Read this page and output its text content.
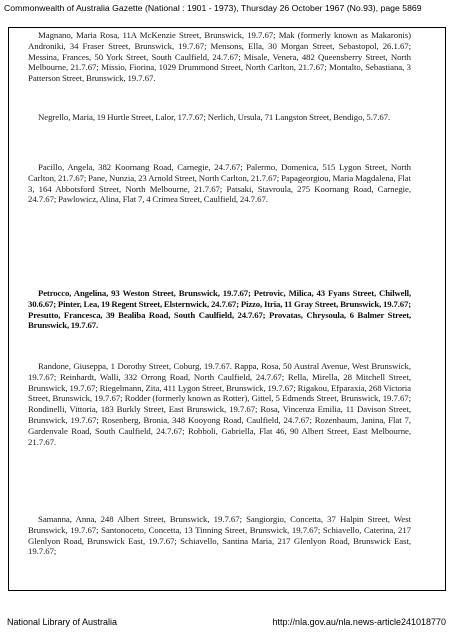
Commonwealth of Australia Gazette (National : 1901 - 1973), Thursday 26 October 1967 (No.93), page 5869

Magnano, Maria Rosa, 11A McKenzie Street, Brunswick, 19.7.67; Mak (formerly known as Makaronis) Androniki, 34 Fraser Street, Brunswick, 19.7.67; Mensons, Ella, 30 Morgan Street, Sebastopol, 26.1.67; Messina, Frances, 50 York Street, South Caulfield, 24.7.67; Misale, Venera, 482 Queensberry Street, North Melbourne, 21.7.67; Missio, Fiorina, 1029 Drummond Street, North Carlton, 21.7.67; Montalto, Sebastiana, 3 Patterson Street, Brunswick, 19.7.67.

Negrello, Maria, 19 Hurtle Street, Lalor, 17.7.67; Nerlich, Ursula, 71 Langston Street, Bendigo, 5.7.67.

Pacillo, Angela, 382 Koornang Road, Carnegie, 24.7.67; Palermo, Domenica, 515 Lygon Street, North Carlton, 21.7.67; Pane, Nunzia, 23 Arnold Street, North Carlton, 21.7.67; Papageorgiou, Maria Magdalena, Flat 3, 164 Abbotsford Street, North Melbourne, 21.7.67; Patsaki, Stavroula, 275 Koornang Road, Carnegie, 24.7.67; Pawlowicz, Alina, Flat 7, 4 Crimea Street, Caulfield, 24.7.67.

Petrocco, Angelina, 93 Weston Street, Brunswick, 19.7.67; Petrovic, Milica, 43 Fyans Street, Chilwell, 30.6.67; Pinter, Lea, 19 Regent Street, Elsternwick, 24.7.67; Pizzo, Itria, 11 Gray Street, Brunswick, 19.7.67; Presutto, Francesca, 39 Bealiba Road, South Caulfield, 24.7.67; Provatas, Chrysoula, 6 Balmer Street, Brunswick, 19.7.67.

Randone, Giuseppa, 1 Dorothy Street, Coburg, 19.7.67. Rappa, Rosa, 50 Austral Avenue, West Brunswick, 19.7.67; Reinhardt, Walli, 332 Orrong Road, North Caulfield, 24.7.67; Rella, Mirella, 28 Mitchell Street, Brunswick, 19.7.67; Riegelmann, Zita, 411 Lygon Street, Brunswick, 19.7.67; Rigakou, Efparaxia, 268 Victoria Street, Brunswick, 19.7.67; Rodder (formerly known as Rotter), Gittel, 5 Edmends Street, Brunswick, 19.7.67; Rondinelli, Vittoria, 183 Burkly Street, East Brunswick, 19.7.67; Rosa, Vincenza Emilia, 11 Davison Street, Brunswick, 19.7.67; Rosenberg, Bronia, 348 Kooyong Road, Caulfield, 24.7.67; Rozenbaum, Janina, Flat 7, Gardenvale Road, South Caulfield, 24.7.67; Robboli, Gabriella, Flat 46, 90 Albert Street, East Melbourne, 21.7.67.

Samanna, Anna, 248 Albert Street, Brunswick, 19.7.67; Sangiorgio, Concetta, 37 Halpin Street, West Brunswick, 19.7.67; Santonoceto, Concetta, 13 Tinning Street, Brunswick, 19.7.67; Schiavello, Caterina, 217 Glenlyon Road, Brunswick East, 19.7.67; Schiavello, Santina Maria, 217 Glenlyon Road, Brunswick East, 19.7.67;

National Library of Australia	http://nla.gov.au/nla.news-article241018770
